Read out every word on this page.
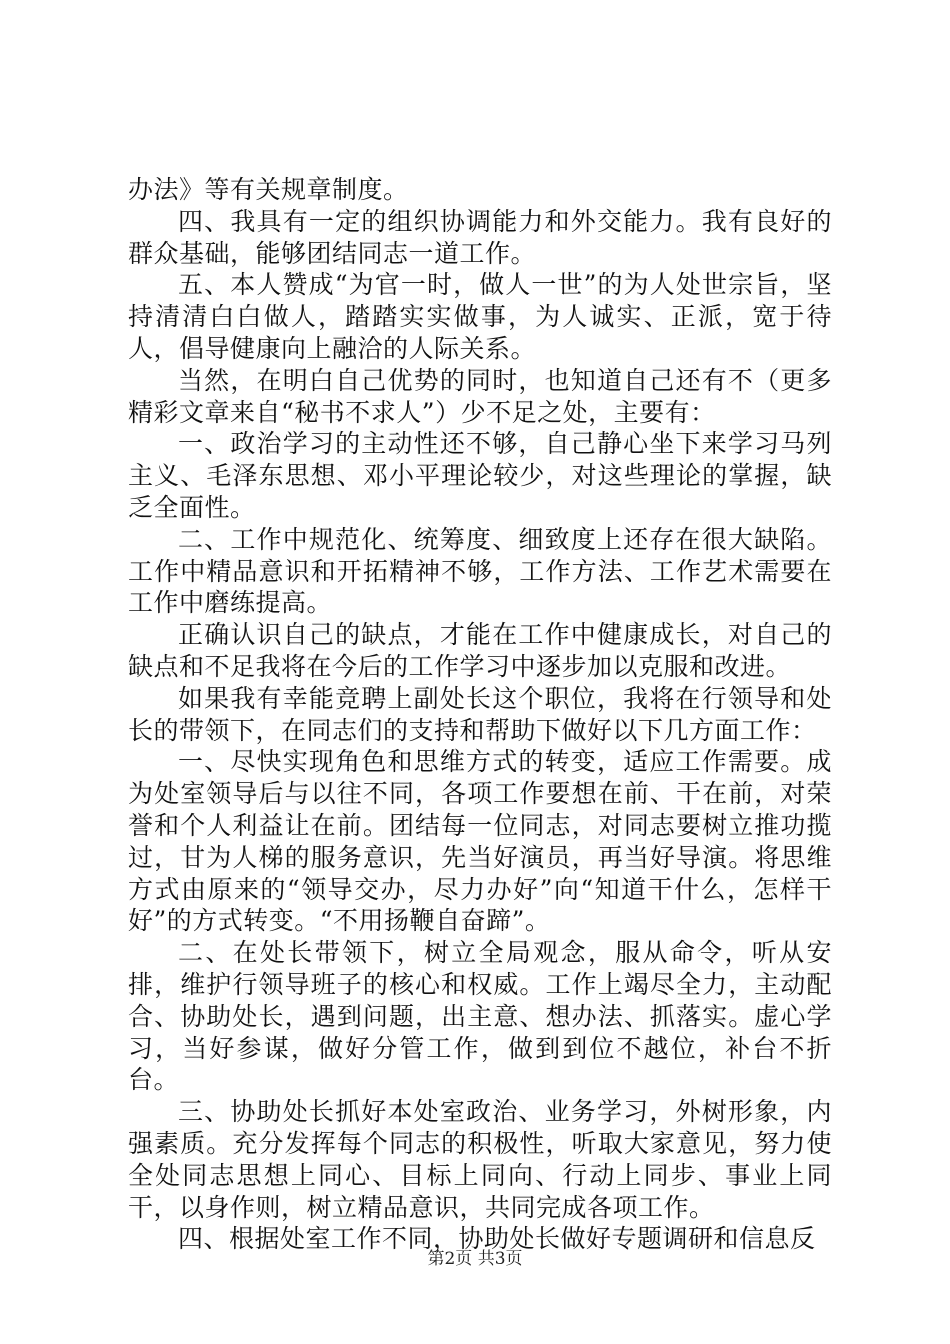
办法》等有关规章制度。

四、我具有一定的组织协调能力和外交能力。我有良好的群众基础，能够团结同志一道工作。

五、本人赞成“为官一时，做人一世”的为人处世宗旨，坚持清清白白做人，踏踏实实做事，为人诚实、正派，宽于待人，倡导健康向上融洽的人际关系。

当然，在明白自己优势的同时，也知道自己还有不（更多精彩文章来自“秘书不求人”）少不足之处，主要有：

一、政治学习的主动性还不够，自己静心坐下来学习马列主义、毛泽东思想、邓小平理论较少，对这些理论的掌握，缺乏全面性。

二、工作中规范化、统筹度、细致度上还存在很大缺陷。工作中精品意识和开拓精神不够，工作方法、工作艺术需要在工作中磨练提高。

正确认识自己的缺点，才能在工作中健康成长，对自己的缺点和不足我将在今后的工作学习中逐步加以克服和改进。

如果我有幸能竞聘上副处长这个职位，我将在行领导和处长的带领下，在同志们的支持和帮助下做好以下几方面工作：

一、尽快实现角色和思维方式的转变，适应工作需要。成为处室领导后与以往不同，各项工作要想在前、干在前，对荣誉和个人利益让在前。团结每一位同志，对同志要树立推功揽过，甘为人梯的服务意识，先当好演员，再当好导演。将思维方式由原来的“领导交办，尽力办好”向“知道干什么，怎样干好”的方式转变。“不用扬鞭自奋蹄”。

二、在处长带领下，树立全局观念，服从命令，听从安排，维护行领导班子的核心和权威。工作上竭尽全力，主动配合、协助处长，遇到问题，出主意、想办法、抓落实。虚心学习，当好参谋，做好分管工作，做到到位不越位，补台不折台。

三、协助处长抓好本处室政治、业务学习，外树形象，内强素质。充分发挥每个同志的积极性，听取大家意见，努力使全处同志思想上同心、目标上同向、行动上同步、事业上同干，以身作则，树立精品意识，共同完成各项工作。

四、根据处室工作不同，协助处长做好专题调研和信息反

第2页 共3页
